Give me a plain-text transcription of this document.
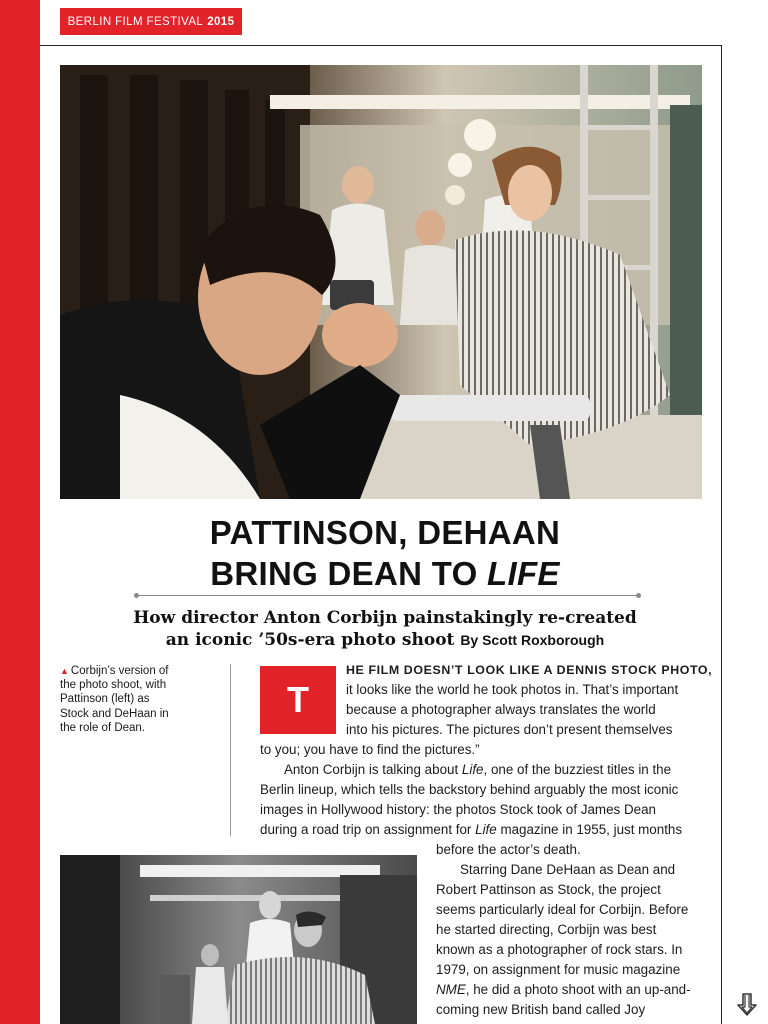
BERLIN FILM FESTIVAL 2015
PATTINSON, DEHAAN
BRING DEAN TO LIFE
How director Anton Corbijn painstakingly re-created
an iconic ’50s-era photo shoot By Scott Roxborough
▲ Corbijn’s version of the photo shoot, with Pattinson (left) as Stock and DeHaan in the role of Dean.
T
HE FILM DOESN’T LOOK LIKE A DENNIS STOCK PHOTO,
it looks like the world he took photos in. That’s important
because a photographer always translates the world
into his pictures. The pictures don’t present themselves
to you; you have to find the pictures.”
Anton Corbijn is talking about Life, one of the buzziest titles in the
Berlin lineup, which tells the backstory behind arguably the most iconic
images in Hollywood history: the photos Stock took of James Dean
during a road trip on assignment for Life magazine in 1955, just months
before the actor’s death.
Starring Dane DeHaan as Dean and
Robert Pattinson as Stock, the project
seems particularly ideal for Corbijn. Before
he started directing, Corbijn was best
known as a photographer of rock stars. In
1979, on assignment for music magazine
NME, he did a photo shoot with an up-and-
coming new British band called Joy
